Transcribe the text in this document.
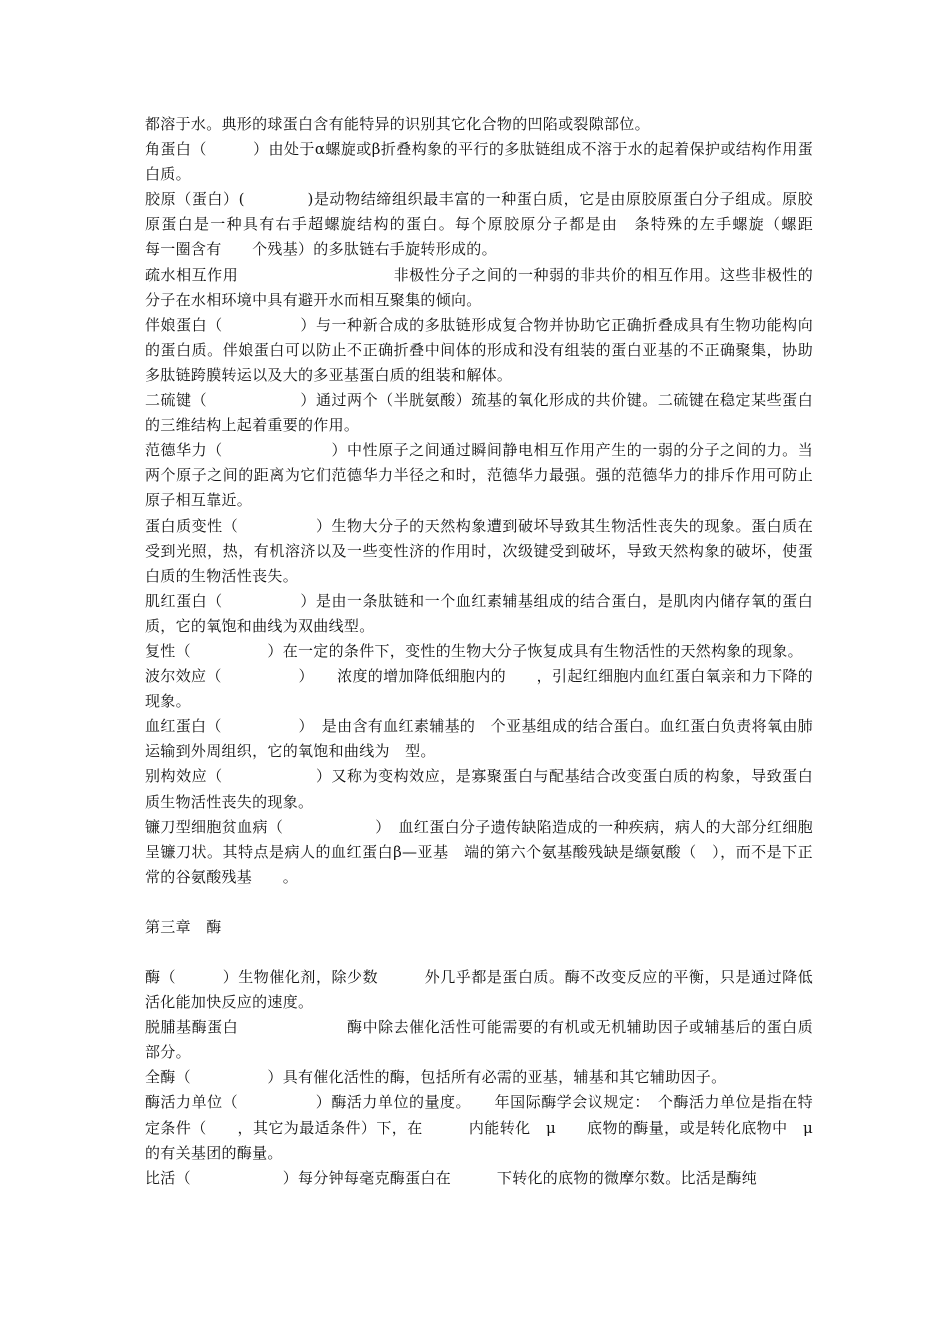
都溶于水。典形的球蛋白含有能特异的识别其它化合物的凹陷或裂隙部位。

角蛋白（　　　）由处于α螺旋或β折叠构象的平行的多肽链组成不溶于水的起着保护或结构作用蛋白质。

胶原（蛋白）(　　　　)是动物结缔组织最丰富的一种蛋白质，它是由原胶原蛋白分子组成。原胶原蛋白是一种具有右手超螺旋结构的蛋白。每个原胶原分子都是由　条特殊的左手螺旋（螺距　　　每一圈含有　　个残基）的多肽链右手旋转形成的。

疏水相互作用　　　　　　　　　　非极性分子之间的一种弱的非共价的相互作用。这些非极性的分子在水相环境中具有避开水而相互聚集的倾向。

伴娘蛋白（　　　　　）与一种新合成的多肽链形成复合物并协助它正确折叠成具有生物功能构向的蛋白质。伴娘蛋白可以防止不正确折叠中间体的形成和没有组装的蛋白亚基的不正确聚集，协助多肽链跨膜转运以及大的多亚基蛋白质的组装和解体。

二硫键（　　　　　　）通过两个（半胱氨酸）巯基的氧化形成的共价键。二硫键在稳定某些蛋白的三维结构上起着重要的作用。

范德华力（　　　　　　　）中性原子之间通过瞬间静电相互作用产生的一弱的分子之间的力。当两个原子之间的距离为它们范德华力半径之和时，范德华力最强。强的范德华力的排斥作用可防止原子相互靠近。

蛋白质变性（　　　　　）生物大分子的天然构象遭到破坏导致其生物活性丧失的现象。蛋白质在受到光照，热，有机溶济以及一些变性济的作用时，次级键受到破坏，导致天然构象的破坏，使蛋白质的生物活性丧失。

肌红蛋白（　　　　　）是由一条肽链和一个血红素辅基组成的结合蛋白，是肌肉内储存氧的蛋白质，它的氧饱和曲线为双曲线型。

复性（　　　　　）在一定的条件下，变性的生物大分子恢复成具有生物活性的天然构象的现象。

波尔效应（　　　　　）　　浓度的增加降低细胞内的　　，引起红细胞内血红蛋白氧亲和力下降的现象。

血红蛋白（　　　　　）　是由含有血红素辅基的　个亚基组成的结合蛋白。血红蛋白负责将氧由肺运输到外周组织，它的氧饱和曲线为　型。

别构效应（　　　　　　）又称为变构效应，是寡聚蛋白与配基结合改变蛋白质的构象，导致蛋白质生物活性丧失的现象。

镰刀型细胞贫血病（　　　　　　）　血红蛋白分子遗传缺陷造成的一种疾病，病人的大部分红细胞呈镰刀状。其特点是病人的血红蛋白β—亚基　端的第六个氨基酸残缺是缬氨酸（　），而不是下正常的谷氨酸残基　　。

第三章　酶

酶（　　　）生物催化剂，除少数　　　外几乎都是蛋白质。酶不改变反应的平衡，只是通过降低活化能加快反应的速度。

脱脯基酶蛋白　　　　　　　酶中除去催化活性可能需要的有机或无机辅助因子或辅基后的蛋白质部分。

全酶（　　　　　）具有催化活性的酶，包括所有必需的亚基，辅基和其它辅助因子。

酶活力单位（　　　　　）酶活力单位的量度。　　年国际酶学会议规定：　个酶活力单位是指在特定条件（　　，其它为最适条件）下，在　　　内能转化　μ　　底物的酶量，或是转化底物中　μ　　的有关基团的酶量。

比活（　　　　　　）每分钟每毫克酶蛋白在　　　下转化的底物的微摩尔数。比活是酶纯
